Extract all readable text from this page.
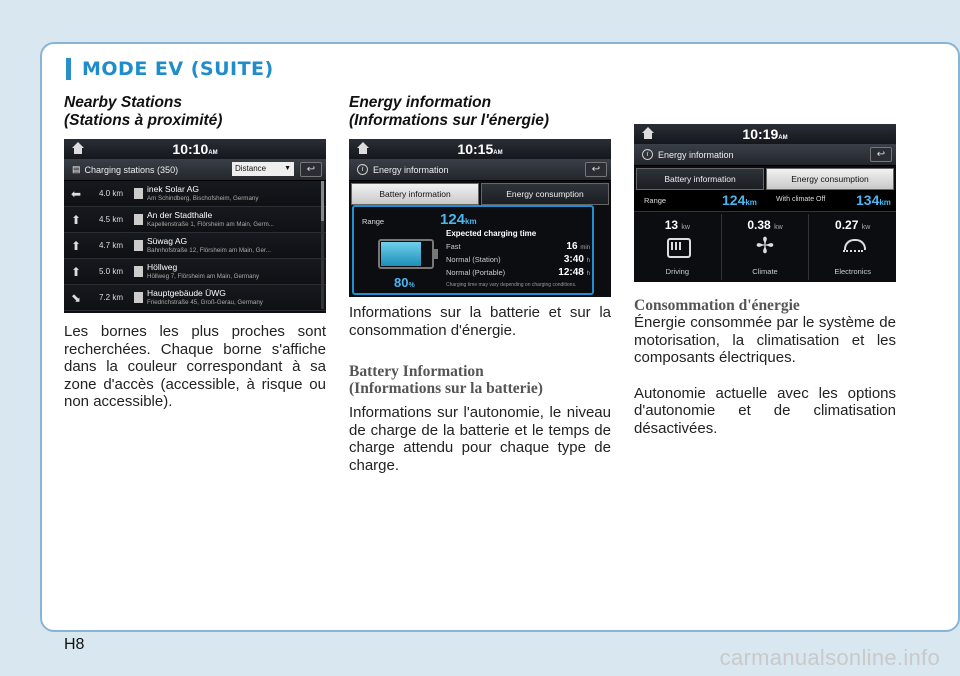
MODE EV (SUITE)
Nearby Stations
(Stations à proximité)
10:10AM
▤ Charging stations (350)	Distance	▼	↩
⬅	4.0 km	inek Solar AG
Am Schindberg, Bischofsheim, Germany
⬆	4.5 km	An der Stadthalle
Kapellenstraße 1, Flörsheim am Main, Germ...
⬆	4.7 km	Süwag AG
Bahnhofstraße 12, Flörsheim am Main, Ger...
⬆	5.0 km	Höllweg
Höllweg 7, Flörsheim am Main, Germany
⬊	7.2 km	Hauptgebäude ÜWG
Friedrichstraße 45, Groß-Gerau, Germany
Les bornes les plus proches sont recherchées. Chaque borne s'affiche dans la couleur correspondant à sa zone d'accès (accessible, à risque ou non accessible).
Energy information
(Informations sur l'énergie)
10:15AM
i	Energy information	↩
Battery information	Energy consumption
Range	124km
80%
Expected charging time
Fast	16 min
Normal (Station)	3:40 h
Normal (Portable)	12:48 h
Charging time may vary depending on charging conditions.
Informations sur la batterie et sur la consommation d'énergie.
Battery Information
(Informations sur la batterie)
Informations sur l'autonomie, le niveau de charge de la batterie et le temps de charge attendu pour chaque type de charge.
10:19AM
i	Energy information	↩
Battery information	Energy consumption
Range	124km	With climate Off 134km
13 kw
Driving
0.38 kw
✢
Climate
0.27 kw
Electronics
Consommation d'énergie
Énergie consommée par le système de motorisation, la climatisation et les composants électriques.
Autonomie actuelle avec les options d'autonomie et de climatisation désactivées.
H8
carmanualsonline.info
